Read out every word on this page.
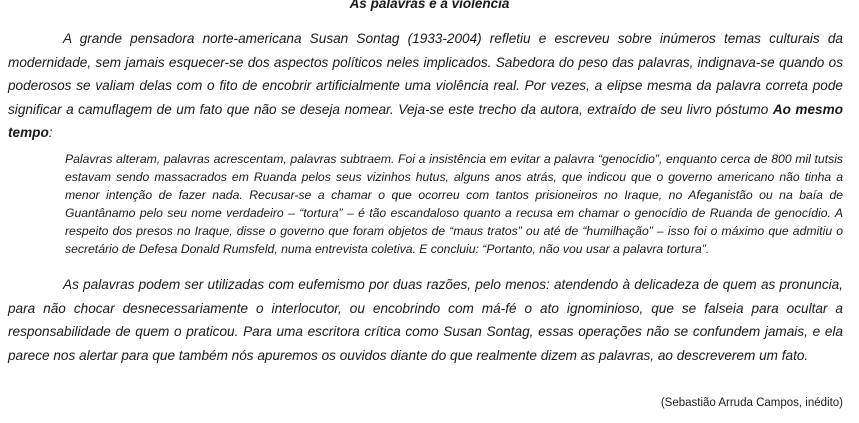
As palavras e a violência

A grande pensadora norte-americana Susan Sontag (1933-2004) refletiu e escreveu sobre inúmeros temas culturais da modernidade, sem jamais esquecer-se dos aspectos políticos neles implicados. Sabedora do peso das palavras, indignava-se quando os poderosos se valiam delas com o fito de encobrir artificialmente uma violência real. Por vezes, a elipse mesma da palavra correta pode significar a camuflagem de um fato que não se deseja nomear. Veja-se este trecho da autora, extraído de seu livro póstumo Ao mesmo tempo:

Palavras alteram, palavras acrescentam, palavras subtraem. Foi a insistência em evitar a palavra “genocídio”, enquanto cerca de 800 mil tutsis estavam sendo massacrados em Ruanda pelos seus vizinhos hutus, alguns anos atrás, que indicou que o governo americano não tinha a menor intenção de fazer nada. Recusar-se a chamar o que ocorreu com tantos prisioneiros no Iraque, no Afeganistão ou na baía de Guantânamo pelo seu nome verdadeiro – “tortura” – é tão escandaloso quanto a recusa em chamar o genocídio de Ruanda de genocídio. A respeito dos presos no Iraque, disse o governo que foram objetos de “maus tratos” ou até de “humilhação” – isso foi o máximo que admitiu o secretário de Defesa Donald Rumsfeld, numa entrevista coletiva. E concluiu: “Portanto, não vou usar a palavra tortura”.

As palavras podem ser utilizadas com eufemismo por duas razões, pelo menos: atendendo à delicadeza de quem as pronuncia, para não chocar desnecessariamente o interlocutor, ou encobrindo com má-fé o ato ignominioso, que se falseia para ocultar a responsabilidade de quem o praticou. Para uma escritora crítica como Susan Sontag, essas operações não se confundem jamais, e ela parece nos alertar para que também nós apuremos os ouvidos diante do que realmente dizem as palavras, ao descreverem um fato.

(Sebastião Arruda Campos, inédito)
